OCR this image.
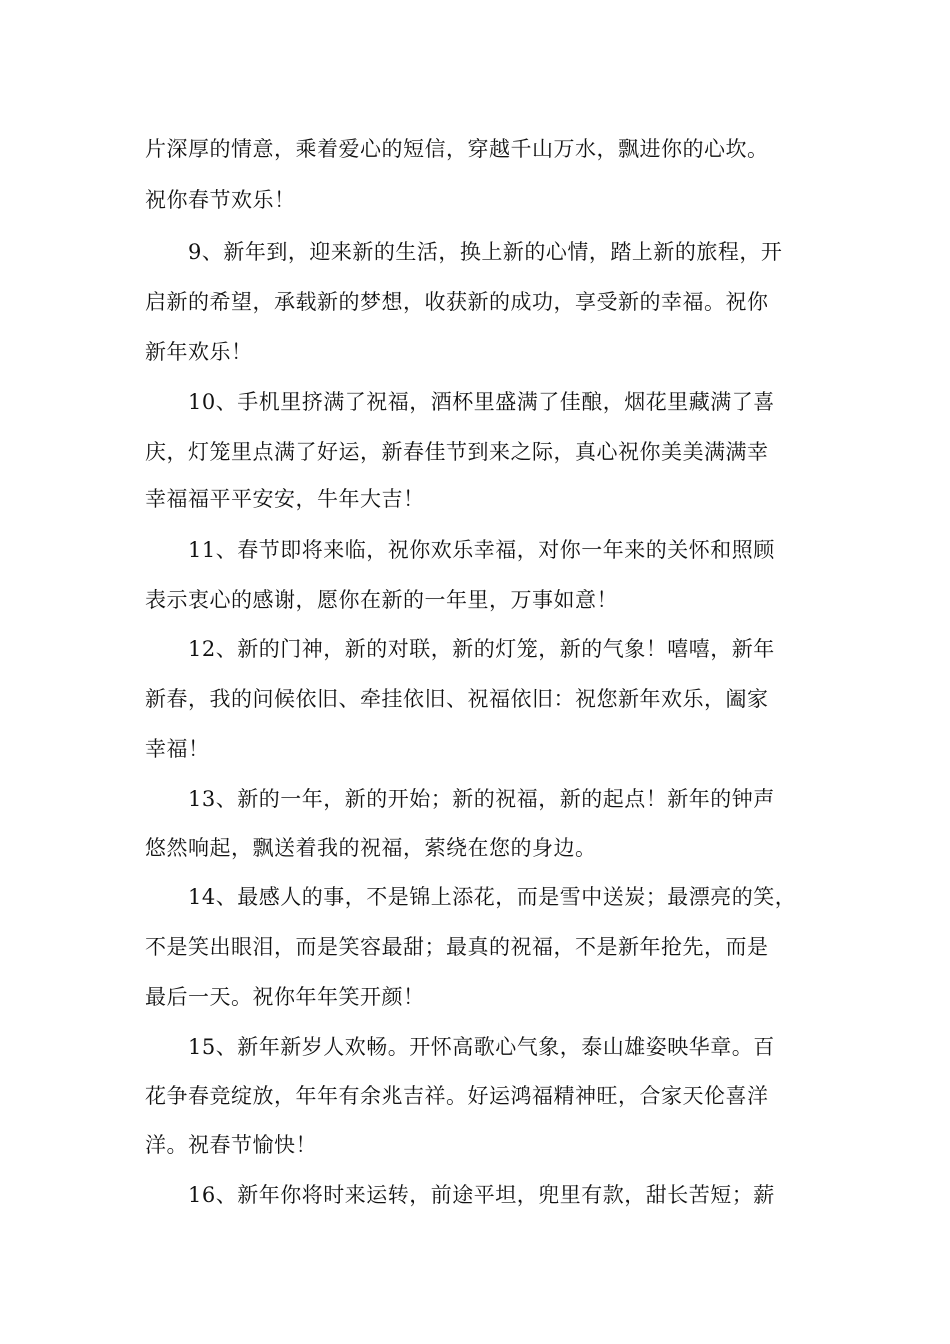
片深厚的情意，乘着爱心的短信，穿越千山万水，飘进你的心坎。
祝你春节欢乐！
9、新年到，迎来新的生活，换上新的心情，踏上新的旅程，开
启新的希望，承载新的梦想，收获新的成功，享受新的幸福。祝你
新年欢乐！
10、手机里挤满了祝福，酒杯里盛满了佳酿，烟花里藏满了喜
庆，灯笼里点满了好运，新春佳节到来之际，真心祝你美美满满幸
幸福福平平安安，牛年大吉！
11、春节即将来临，祝你欢乐幸福，对你一年来的关怀和照顾
表示衷心的感谢，愿你在新的一年里，万事如意！
12、新的门神，新的对联，新的灯笼，新的气象！嘻嘻，新年
新春，我的问候依旧、牵挂依旧、祝福依旧：祝您新年欢乐，阖家
幸福！
13、新的一年，新的开始；新的祝福，新的起点！新年的钟声
悠然响起，飘送着我的祝福，萦绕在您的身边。
14、最感人的事，不是锦上添花，而是雪中送炭；最漂亮的笑，
不是笑出眼泪，而是笑容最甜；最真的祝福，不是新年抢先，而是
最后一天。祝你年年笑开颜！
15、新年新岁人欢畅。开怀高歌心气象，泰山雄姿映华章。百
花争春竞绽放，年年有余兆吉祥。好运鸿福精神旺，合家天伦喜洋
洋。祝春节愉快！
16、新年你将时来运转，前途平坦，兜里有款，甜长苦短；薪
